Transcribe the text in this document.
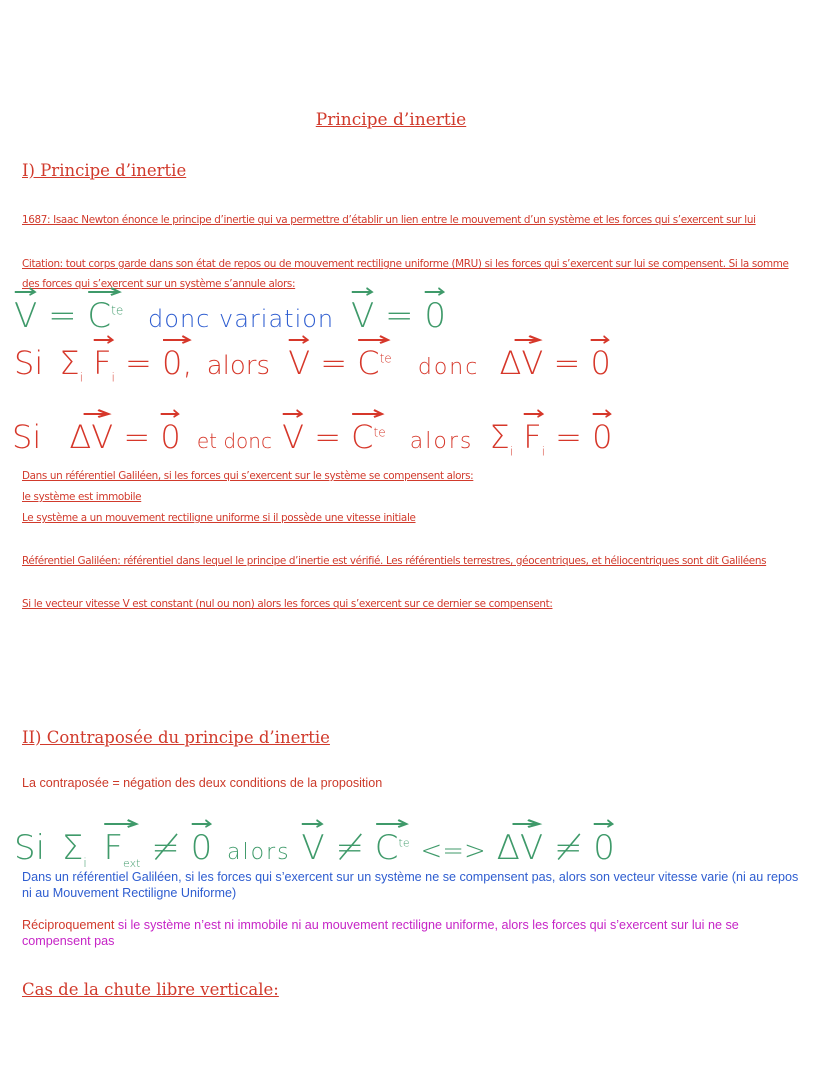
Principe d’inertie
I) Principe d’inertie
1687: Isaac Newton énonce le principe d’inertie qui va permettre d’établir un lien entre le mouvement d’un système et les forces qui s’exercent sur lui
Citation: tout corps garde dans son état de repos ou de mouvement rectiligne uniforme (MRU) si les forces qui s’exercent sur lui se compensent. Si la somme
des forces qui s’exercent sur un système s’annule alors:
$V = C^{te}$ donc variation V = 0
Si $\Sigma_i$ $F_i = 0$, alors $V = C^{te}$ donc ΔV = 0
Si ΔV = 0 et donc $V = C^{te}$ alors $\Sigma_i$ $F_i = 0$
Dans un référentiel Galiléen, si les forces qui s’exercent sur le système se compensent alors:
le système est immobile
Le système a un mouvement rectiligne uniforme si il possède une vitesse initiale
Référentiel Galiléen: référentiel dans lequel le principe d’inertie est vérifié. Les référentiels terrestres, géocentriques, et héliocentriques sont dit Galiléens
Si le vecteur vitesse V est constant (nul ou non) alors les forces qui s’exercent sur ce dernier se compensent:
II) Contraposée du principe d’inertie
La contraposée = négation des deux conditions de la proposition
Si $\Sigma_i$ $F_{ext} \ne 0$ alors $V \ne C^{te}$ <=> ΔV ≠ 0
Dans un référentiel Galiléen, si les forces qui s’exercent sur un système ne se compensent pas, alors son vecteur vitesse varie (ni au repos ni au Mouvement Rectiligne Uniforme)
Réciproquement si le système n’est ni immobile ni au mouvement rectiligne uniforme, alors les forces qui s’exercent sur lui ne se compensent pas
Cas de la chute libre verticale:
